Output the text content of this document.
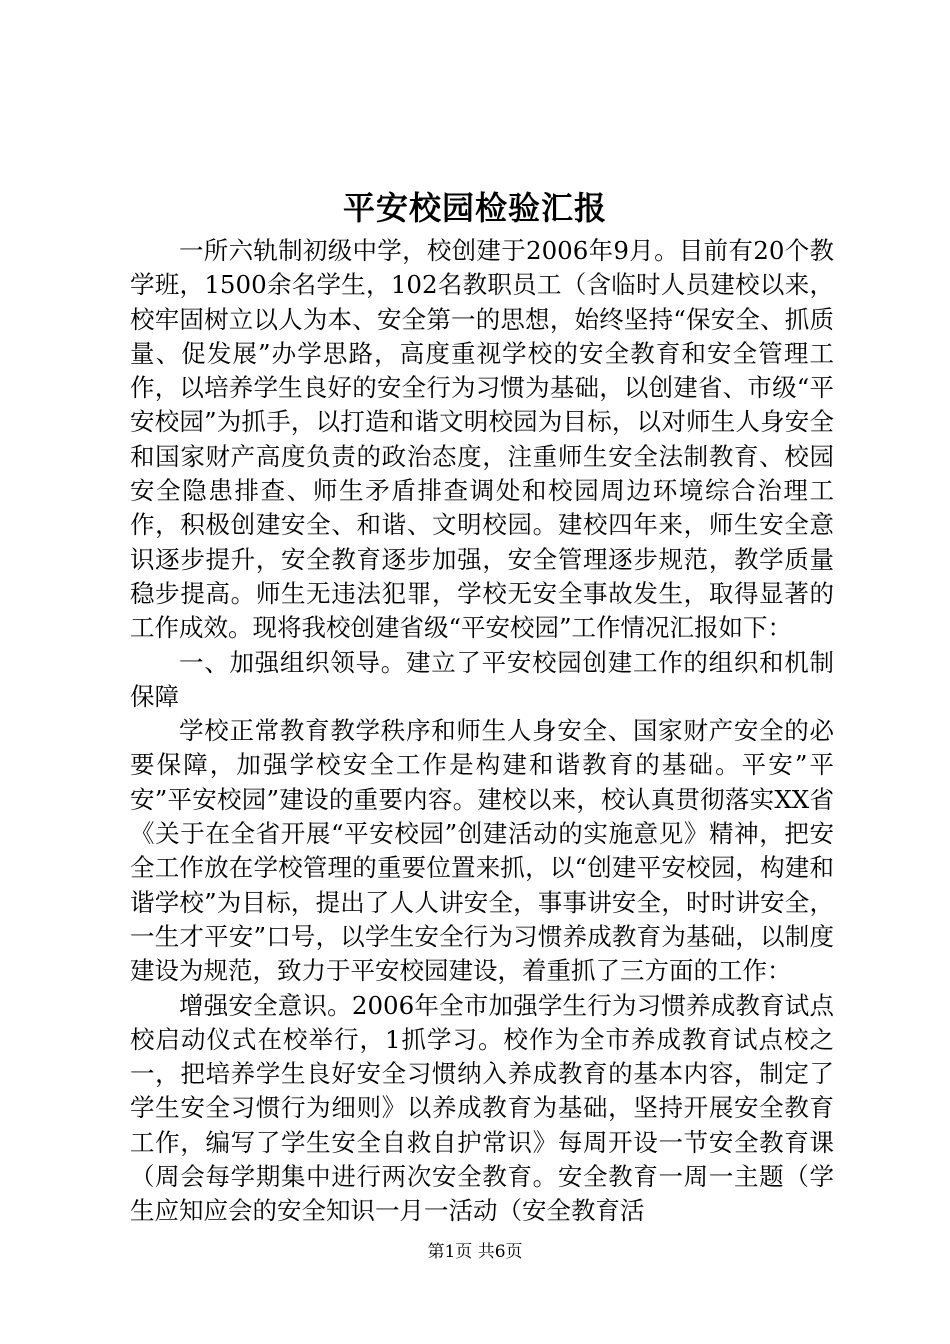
平安校园检验汇报

一所六轨制初级中学，校创建于2006年9月。目前有20个教学班，1500余名学生，102名教职员工（含临时人员建校以来，校牢固树立以人为本、安全第一的思想，始终坚持“保安全、抓质量、促发展”办学思路，高度重视学校的安全教育和安全管理工作，以培养学生良好的安全行为习惯为基础，以创建省、市级“平安校园”为抓手，以打造和谐文明校园为目标，以对师生人身安全和国家财产高度负责的政治态度，注重师生安全法制教育、校园安全隐患排查、师生矛盾排查调处和校园周边环境综合治理工作，积极创建安全、和谐、文明校园。建校四年来，师生安全意识逐步提升，安全教育逐步加强，安全管理逐步规范，教学质量稳步提高。师生无违法犯罪，学校无安全事故发生，取得显著的工作成效。现将我校创建省级“平安校园”工作情况汇报如下：

一、加强组织领导。建立了平安校园创建工作的组织和机制保障

学校正常教育教学秩序和师生人身安全、国家财产安全的必要保障，加强学校安全工作是构建和谐教育的基础。平安”平安”平安校园”建设的重要内容。建校以来，校认真贯彻落实XX省《关于在全省开展“平安校园”创建活动的实施意见》精神，把安全工作放在学校管理的重要位置来抓，以“创建平安校园，构建和谐学校”为目标，提出了人人讲安全，事事讲安全，时时讲安全，一生才平安”口号，以学生安全行为习惯养成教育为基础，以制度建设为规范，致力于平安校园建设，着重抓了三方面的工作：

增强安全意识。2006年全市加强学生行为习惯养成教育试点校启动仪式在校举行，1抓学习。校作为全市养成教育试点校之一，把培养学生良好安全习惯纳入养成教育的基本内容，制定了学生安全习惯行为细则》以养成教育为基础，坚持开展安全教育工作，编写了学生安全自救自护常识》每周开设一节安全教育课（周会每学期集中进行两次安全教育。安全教育一周一主题（学生应知应会的安全知识一月一活动（安全教育活

第1页 共6页
